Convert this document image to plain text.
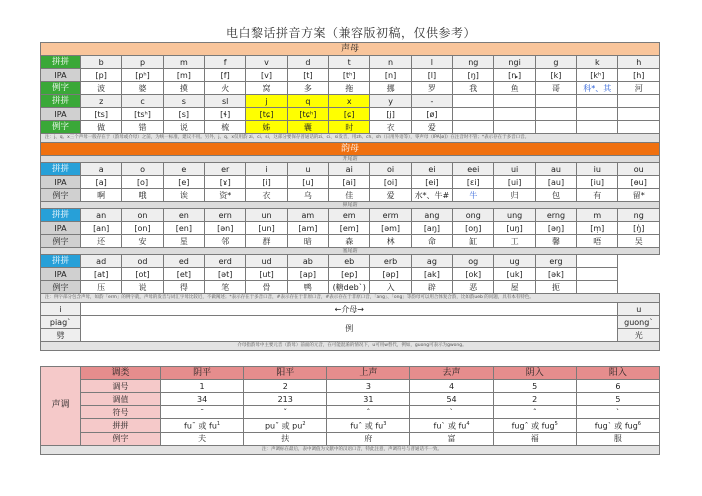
电白黎话拼音方案（兼容版初稿，仅供参考）
声母														
拼拼	b	p	m	f	v	d	t	n	l	ng	ngi	g	k	h
IPA	[p]	[pʰ]	[m]	[f]	[v]	[t]	[tʰ]	[n]	[l]	[ŋ]	[ȵ]	[k]	[kʰ]	[h]
例字	波	婆	摸	火	窝	多	拖	挪	罗	我	鱼	哥	科*、其	河
拼拼	z	c	s	sl	j	q	x	y	-					
IPA	[ts]	[tsʰ]	[s]	[ɬ]	[tɕ]	[tɕʰ]	[ɕ]	[j]	[ø]					
例字	做	错	说	梳	姊	囊	时	衣	爱					
注：j、q、x三个声母一般存在于（韵母或介母）之前，为统一标准，建议不用。另外，j、q、x仅用韵 zi、ci、si，这部分要保存普通话的zi、ci、si发音，用zh、ch、sh（日用外语等），零声母（IPA[ø]）在注音时不管；*表示存在于多音口音。														
韵母														
开尾韵														
拼拼	a	o	e	er	i	u	ai	oi	ei	eei	ui	au	iu	ou
IPA	[a]	[o]	[e]	[ɤ]	[i]	[u]	[ai]	[oi]	[ei]	[ɛi]	[ui]	[au]	[iu]	[ɵu]
例字	啊	哦	诶	资*	衣	乌	佳	爱	水*、牛#	牛	归	包	有	留*
鼻尾韵														
拼拼	an	on	en	ern	un	am	em	erm	ang	ong	ung	erng	m	ng
IPA	[an]	[on]	[en]	[ən]	[un]	[am]	[em]	[əm]	[aŋ]	[oŋ]	[uŋ]	[əŋ]	[m̩]	[ŋ̍]
例字	还	安	星	邻	群	暗	森	林	命	缸	工	馨	唔	吴
塞尾韵														
拼拼	ad	od	ed	erd	ud	ab	eb	erb	ag	og	ug	erg		
IPA	[at]	[ot]	[et]	[ət]	[ut]	[ap]	[ep]	[əp]	[ak]	[ok]	[uk]	[ək]		
例字	压	说	得	笔	骨	鸭	(糖deb`)	入	辟	恶	屋	扼		
注：例字部分包含声母，如韵「erm」的例字就，声母的发音与词汇字母比较近，不做阐述；*表示存在于多音口音，#表示存在于非原口音，#表示存在于非原口音，「ang」、「ong」等韵母可以用合体复合韵，比如韵ueb 的问题，具有本有特色。														
i	←介母→													u
piag`	例													guong`
劈														光
介母指韵母中主要元音（韵母）前面的元音，在可能混淆的情况下，u可用w替代，例如，guong可表示为gwong。														
声调	调类	阴平	阳平	上声	去声	阴入	阳入
	调号	1	2	3	4	5	6
	调值	34	213	31	54	2	5
	符号	ˉ	ˇ	ˆ	ˋ	ˆ	ˋ
	拼拼	fuˉ 或 $fu^1$	puˇ 或 $pu^2$	fuˆ 或 $fu^3$	fuˋ 或 $fu^4$	fugˆ 或 fug$^5$	fugˋ 或 fug$^6$
	例字	夫	扶	府	富	福	服
注：声调标在最后，表中调值为文献中的汉语口音，特此注意，声调符号与普通话不一致。							
